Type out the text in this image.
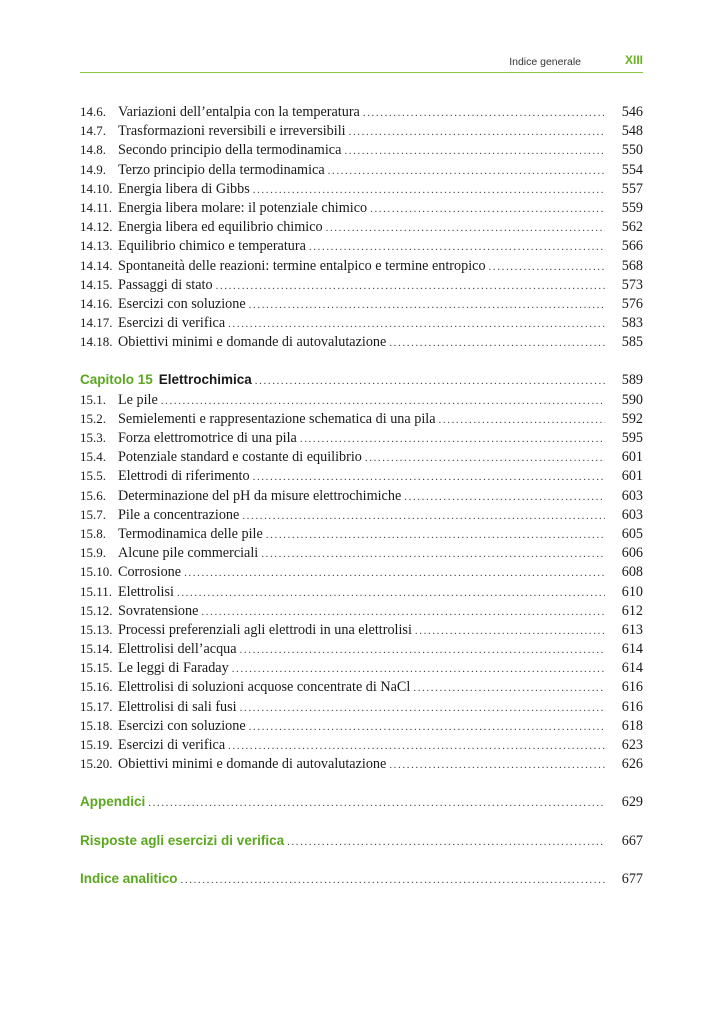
Indice generale	XIII
14.6. Variazioni dell’entalpia con la temperatura .....	546
14.7. Trasformazioni reversibili e irreversibili .....	548
14.8. Secondo principio della termodinamica .....	550
14.9. Terzo principio della termodinamica .....	554
14.10. Energia libera di Gibbs .....	557
14.11. Energia libera molare: il potenziale chimico .....	559
14.12. Energia libera ed equilibrio chimico .....	562
14.13. Equilibrio chimico e temperatura .....	566
14.14. Spontaneità delle reazioni: termine entalpico e termine entropico .....	568
14.15. Passaggi di stato .....	573
14.16. Esercizi con soluzione .....	576
14.17. Esercizi di verifica .....	583
14.18. Obiettivi minimi e domande di autovalutazione .....	585
Capitolo 15 Elettrochimica .....	589
15.1. Le pile .....	590
15.2. Semielementi e rappresentazione schematica di una pila .....	592
15.3. Forza elettromotrice di una pila .....	595
15.4. Potenziale standard e costante di equilibrio .....	601
15.5. Elettrodi di riferimento .....	601
15.6. Determinazione del pH da misure elettrochimiche .....	603
15.7. Pile a concentrazione .....	603
15.8. Termodinamica delle pile .....	605
15.9. Alcune pile commerciali .....	606
15.10. Corrosione .....	608
15.11. Elettrolisi .....	610
15.12. Sovratensione .....	612
15.13. Processi preferenziali agli elettrodi in una elettrolisi .....	613
15.14. Elettrolisi dell’acqua .....	614
15.15. Le leggi di Faraday .....	614
15.16. Elettrolisi di soluzioni acquose concentrate di NaCl .....	616
15.17. Elettrolisi di sali fusi .....	616
15.18. Esercizi con soluzione .....	618
15.19. Esercizi di verifica .....	623
15.20. Obiettivi minimi e domande di autovalutazione .....	626
Appendici .....	629
Risposte agli esercizi di verifica .....	667
Indice analitico .....	677
